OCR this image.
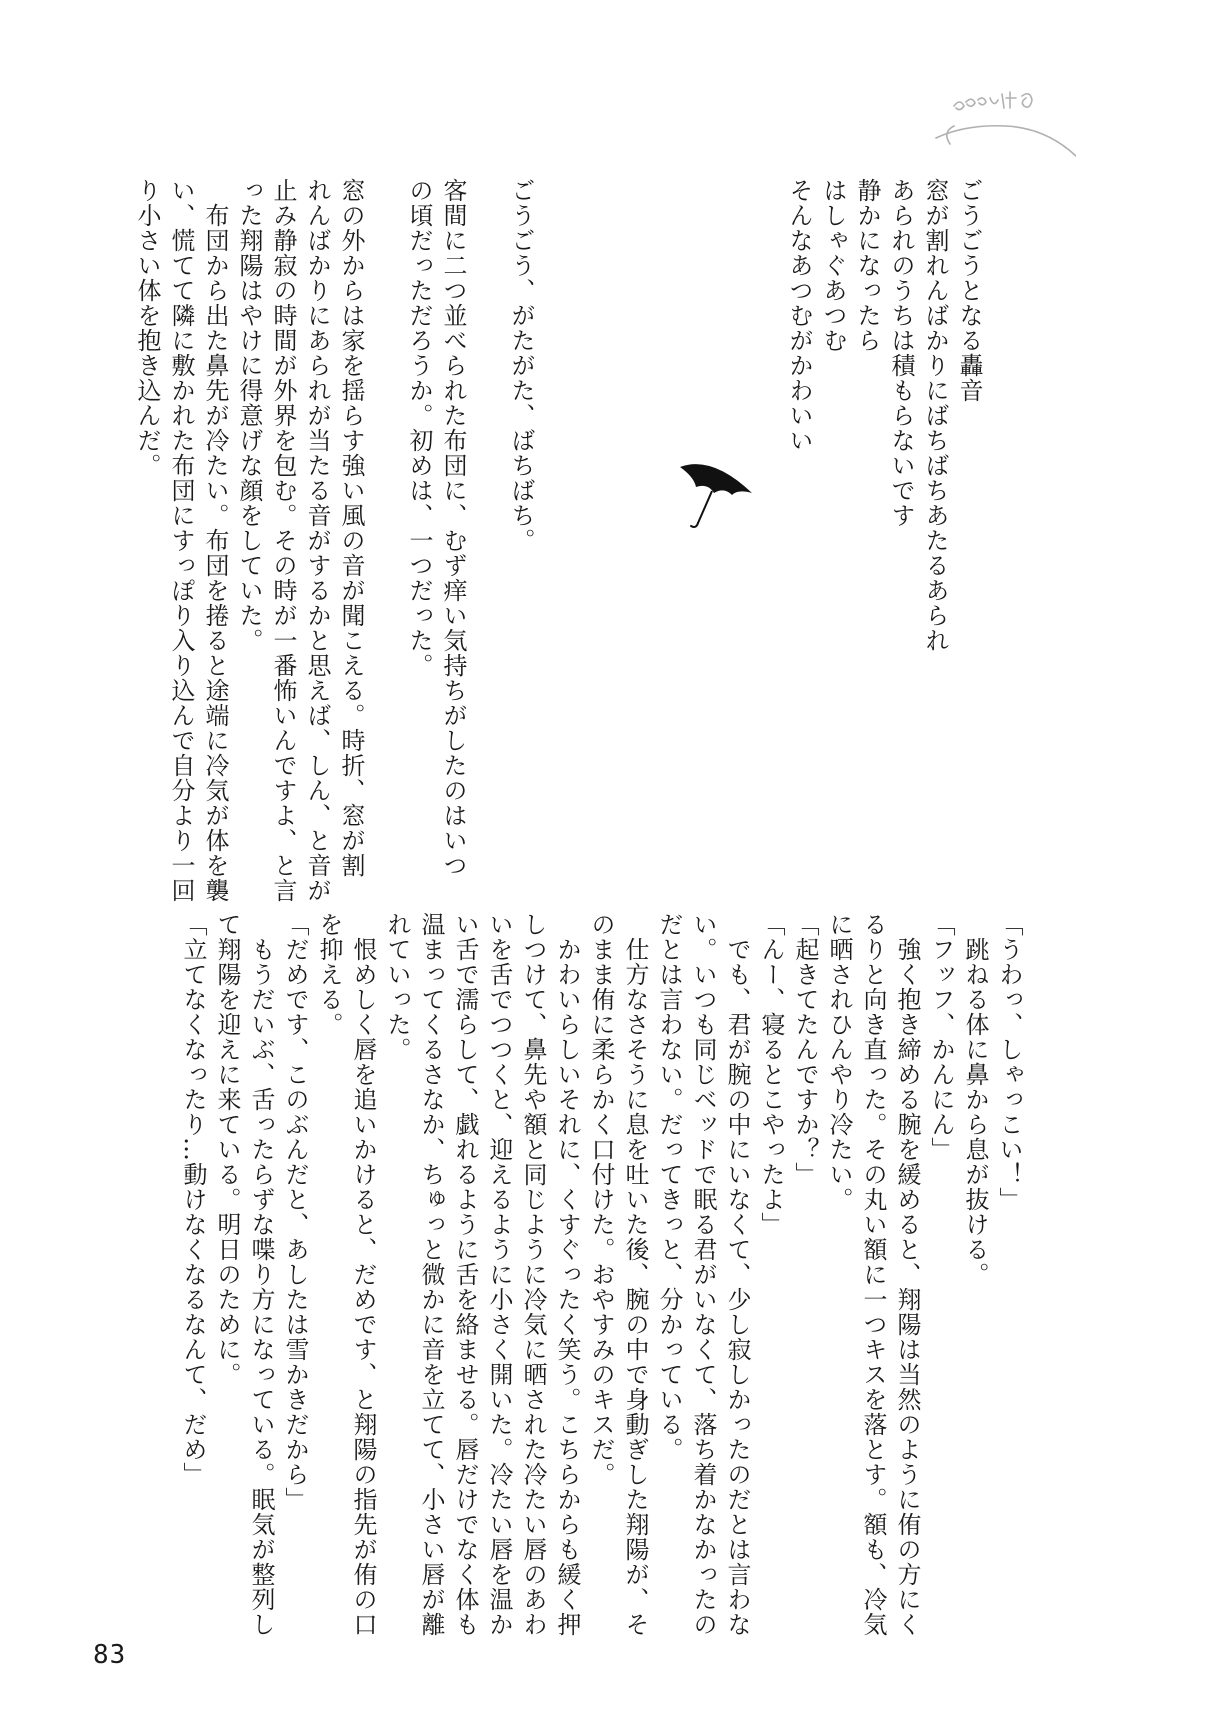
ごうごうとなる轟音
窓が割れんばかりにばちばちあたるあられ
あられのうちは積もらないです
静かになったら
はしゃぐあつむ
そんなあつむがかわいい
ごうごう、がたがた、ばちばち。

客間に二つ並べられた布団に、むず痒い気持ちがしたのはいつ
の頃だっただろうか。初めは、一つだった。

窓の外からは家を揺らす強い風の音が聞こえる。時折、窓が割
れんばかりにあられが当たる音がするかと思えば、しん、と音が
止み静寂の時間が外界を包む。その時が一番怖いんですよ、と言
った翔陽はやけに得意げな顔をしていた。
　布団から出た鼻先が冷たい。布団を捲ると途端に冷気が体を襲
い、慌てて隣に敷かれた布団にすっぽり入り込んで自分より一回
り小さい体を抱き込んだ。
「うわっ、しゃっこい！」
　跳ねる体に鼻から息が抜ける。
「フッフ、かんにん」
　強く抱き締める腕を緩めると、翔陽は当然のように侑の方にく
るりと向き直った。その丸い額に一つキスを落とす。額も、冷気
に晒されひんやり冷たい。
「起きてたんですか？」
「んー、寝るとこやったよ」
　でも、君が腕の中にいなくて、少し寂しかったのだとは言わな
い。いつも同じベッドで眠る君がいなくて、落ち着かなかったの
だとは言わない。だってきっと、分かっている。
　仕方なさそうに息を吐いた後、腕の中で身動ぎした翔陽が、そ
のまま侑に柔らかく口付けた。おやすみのキスだ。
　かわいらしいそれに、くすぐったく笑う。こちらからも緩く押
しつけて、鼻先や額と同じように冷気に晒された冷たい唇のあわ
いを舌でつつくと、迎えるように小さく開いた。冷たい唇を温か
い舌で濡らして、戯れるように舌を絡ませる。唇だけでなく体も
温まってくるさなか、ちゅっと微かに音を立てて、小さい唇が離
れていった。
　恨めしく唇を追いかけると、だめです、と翔陽の指先が侑の口
を抑える。
「だめです、このぶんだと、あしたは雪かきだから」
　もうだいぶ、舌ったらずな喋り方になっている。眠気が整列し
て翔陽を迎えに来ている。明日のために。
「立てなくなったり…動けなくなるなんて、だめ」
83
